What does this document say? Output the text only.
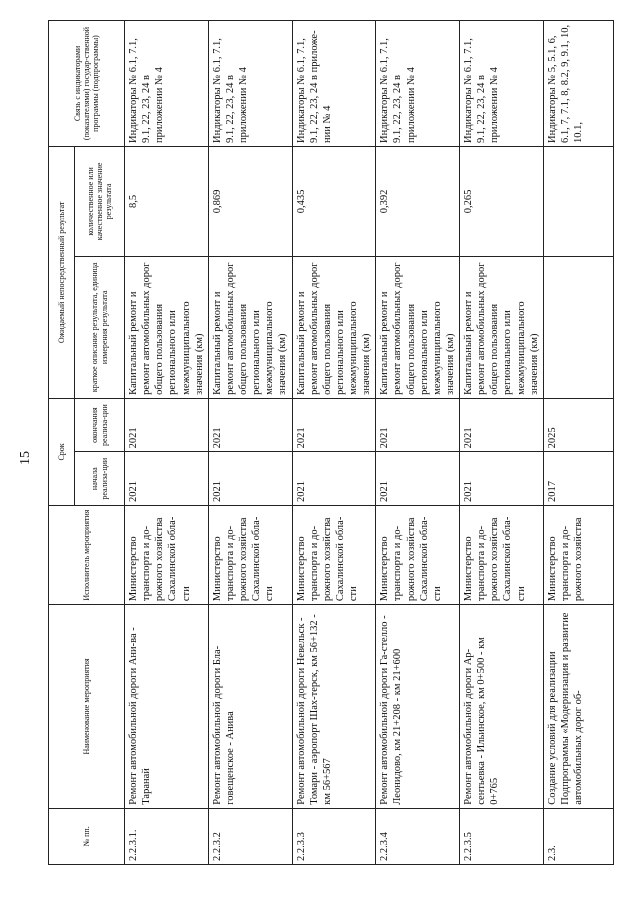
15
№ пп.	Наименование мероприятия	Исполнитель мероприятия	Срок		Ожидаемый непосредственный результат		Связь с индикаторами (показателями) государ-ственной программы (подпрограммы)
			начала реализа-ции	окончания реализа-ции	краткое описание результата, единица измерения результата	количественное или качественное значение результата	
2.2.3.1.	Ремонт автомобильной дороги Ани-ва - Таранай	Министерство транспорта и до-рожного хозяйства Сахалинской обла-сти	2021	2021	Капитальный ремонт и ремонт автомобильных дорог общего пользования регионального или межмуниципального значения (км)	8,5	Индикаторы № 6.1, 7.1, 9.1, 22, 23, 24 в приложении № 4
2.2.3.2	Ремонт автомобильной дороги Бла-говещенское - Анива	Министерство транспорта и до-рожного хозяйства Сахалинской обла-сти	2021	2021	Капитальный ремонт и ремонт автомобильных дорог общего пользования регионального или межмуниципального значения (км)	0,869	Индикаторы № 6.1, 7.1, 9.1, 22, 23, 24 в приложении № 4
2.2.3.3	Ремонт автомобильной дороги Невельск - Томари - аэропорт Шах-терск, км 56+132 - км 56+567	Министерство транспорта и до-рожного хозяйства Сахалинской обла-сти	2021	2021	Капитальный ремонт и ремонт автомобильных дорог общего пользования регионального или межмуниципального значения (км)	0,435	Индикаторы № 6.1, 7.1, 9.1, 22, 23, 24 в приложе-нии № 4
2.2.3.4	Ремонт автомобильной дороги Га-стелло - Леонидово, км 21+208 - км 21+600	Министерство транспорта и до-рожного хозяйства Сахалинской обла-сти	2021	2021	Капитальный ремонт и ремонт автомобильных дорог общего пользования регионального или межмуниципального значения (км)	0,392	Индикаторы № 6.1, 7.1, 9.1, 22, 23, 24 в приложении № 4
2.2.3.5	Ремонт автомобильной дороги Ар-сентьевка - Ильинское, км 0+500 - км 0+765	Министерство транспорта и до-рожного хозяйства Сахалинской обла-сти	2021	2021	Капитальный ремонт и ремонт автомобильных дорог общего пользования регионального или межмуниципального значения (км)	0,265	Индикаторы № 6.1, 7.1, 9.1, 22, 23, 24 в приложении № 4
2.3.	Создание условий для реализации Подпрограммы «Модернизация и развитие автомобильных дорог об-	Министерство транспорта и до-рожного хозяйства	2017	2025			Индикаторы № 5, 5.1, 6, 6.1, 7, 7.1, 8, 8.2, 9, 9.1, 10, 10.1,
